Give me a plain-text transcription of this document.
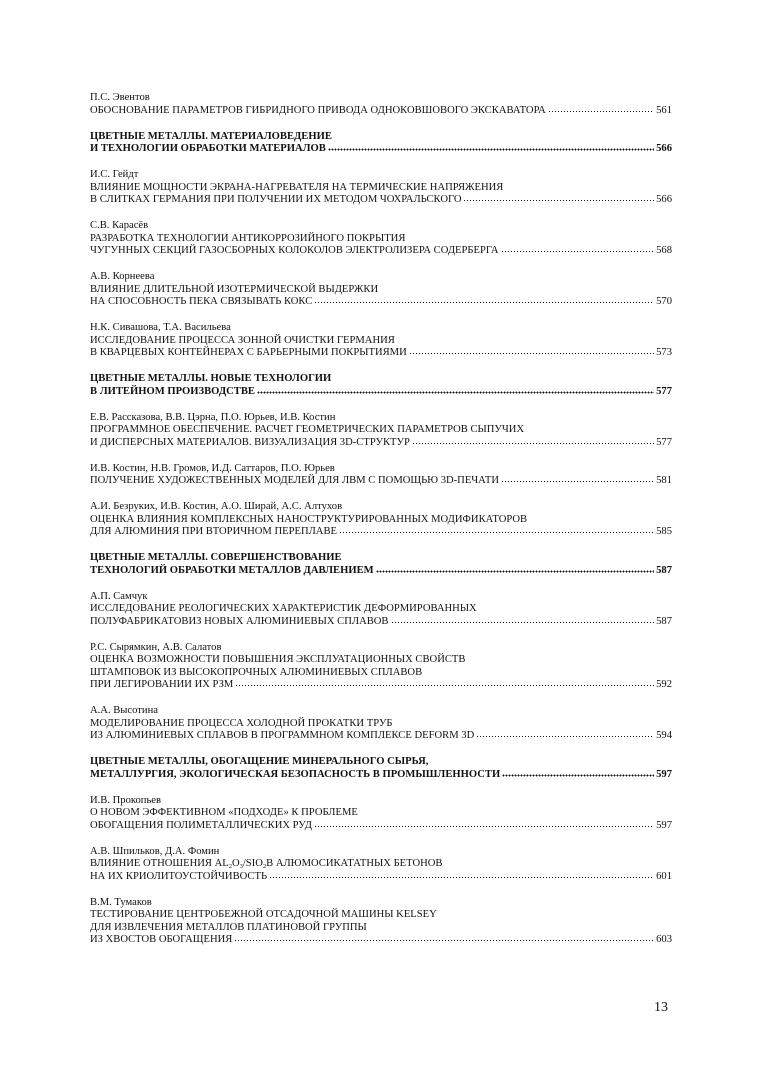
П.С. Эвентов
ОБОСНОВАНИЕ ПАРАМЕТРОВ ГИБРИДНОГО ПРИВОДА ОДНОКОВШОВОГО ЭКСКАВАТОРА	561
ЦВЕТНЫЕ МЕТАЛЛЫ. МАТЕРИАЛОВЕДЕНИЕ
И ТЕХНОЛОГИИ ОБРАБОТКИ МАТЕРИАЛОВ	566
И.С. Гейдт
ВЛИЯНИЕ МОЩНОСТИ ЭКРАНА-НАГРЕВАТЕЛЯ НА ТЕРМИЧЕСКИЕ НАПРЯЖЕНИЯ
В СЛИТКАХ ГЕРМАНИЯ ПРИ ПОЛУЧЕНИИ ИХ МЕТОДОМ ЧОХРАЛЬСКОГО	566
С.В. Карасёв
РАЗРАБОТКА ТЕХНОЛОГИИ АНТИКОРРОЗИЙНОГО ПОКРЫТИЯ
ЧУГУННЫХ СЕКЦИЙ ГАЗОСБОРНЫХ КОЛОКОЛОВ ЭЛЕКТРОЛИЗЕРА СОДЕРБЕРГА	568
А.В. Корнеева
ВЛИЯНИЕ ДЛИТЕЛЬНОЙ ИЗОТЕРМИЧЕСКОЙ ВЫДЕРЖКИ
НА СПОСОБНОСТЬ ПЕКА СВЯЗЫВАТЬ КОКС	570
Н.К. Сивашова, Т.А. Васильева
ИССЛЕДОВАНИЕ ПРОЦЕССА ЗОННОЙ ОЧИСТКИ ГЕРМАНИЯ
В КВАРЦЕВЫХ КОНТЕЙНЕРАХ С БАРЬЕРНЫМИ ПОКРЫТИЯМИ	573
ЦВЕТНЫЕ МЕТАЛЛЫ. НОВЫЕ ТЕХНОЛОГИИ
В ЛИТЕЙНОМ ПРОИЗВОДСТВЕ	577
Е.В. Рассказова, В.В. Цэрна, П.О. Юрьев, И.В. Костин
ПРОГРАММНОЕ ОБЕСПЕЧЕНИЕ. РАСЧЕТ ГЕОМЕТРИЧЕСКИХ ПАРАМЕТРОВ СЫПУЧИХ
И ДИСПЕРСНЫХ МАТЕРИАЛОВ. ВИЗУАЛИЗАЦИЯ 3D-СТРУКТУР	577
И.В. Костин, Н.В. Громов, И.Д. Саттаров, П.О. Юрьев
ПОЛУЧЕНИЕ ХУДОЖЕСТВЕННЫХ МОДЕЛЕЙ ДЛЯ ЛВМ С ПОМОЩЬЮ 3D-ПЕЧАТИ	581
А.И. Безруких, И.В. Костин, А.О. Ширай, А.С. Алтухов
ОЦЕНКА ВЛИЯНИЯ КОМПЛЕКСНЫХ НАНОСТРУКТУРИРОВАННЫХ МОДИФИКАТОРОВ
ДЛЯ АЛЮМИНИЯ ПРИ ВТОРИЧНОМ ПЕРЕПЛАВЕ	585
ЦВЕТНЫЕ МЕТАЛЛЫ. СОВЕРШЕНСТВОВАНИЕ
ТЕХНОЛОГИЙ ОБРАБОТКИ МЕТАЛЛОВ ДАВЛЕНИЕМ	587
А.П. Самчук
ИССЛЕДОВАНИЕ РЕОЛОГИЧЕСКИХ ХАРАКТЕРИСТИК ДЕФОРМИРОВАННЫХ
ПОЛУФАБРИКАТОВИЗ НОВЫХ АЛЮМИНИЕВЫХ СПЛАВОВ	587
Р.С. Сырямкин, А.В. Салатов
ОЦЕНКА ВОЗМОЖНОСТИ ПОВЫШЕНИЯ ЭКСПЛУАТАЦИОННЫХ СВОЙСТВ
ШТАМПОВОК ИЗ ВЫСОКОПРОЧНЫХ АЛЮМИНИЕВЫХ СПЛАВОВ
ПРИ ЛЕГИРОВАНИИ ИХ РЗМ	592
А.А. Высотина
МОДЕЛИРОВАНИЕ ПРОЦЕССА ХОЛОДНОЙ ПРОКАТКИ ТРУБ
ИЗ АЛЮМИНИЕВЫХ СПЛАВОВ В ПРОГРАММНОМ КОМПЛЕКСЕ DEFORM 3D	594
ЦВЕТНЫЕ МЕТАЛЛЫ, ОБОГАЩЕНИЕ МИНЕРАЛЬНОГО СЫРЬЯ,
МЕТАЛЛУРГИЯ, ЭКОЛОГИЧЕСКАЯ БЕЗОПАСНОСТЬ В ПРОМЫШЛЕННОСТИ	597
И.В. Прокопьев
О НОВОМ ЭФФЕКТИВНОМ «ПОДХОДЕ» К ПРОБЛЕМЕ
ОБОГАЩЕНИЯ ПОЛИМЕТАЛЛИЧЕСКИХ РУД	597
А.В. Шпильков, Д.А. Фомин
ВЛИЯНИЕ ОТНОШЕНИЯ $AL_2O_3/SIO_2В$ АЛЮМОСИКАТАТНЫХ БЕТОНОВ
НА ИХ КРИОЛИТОУСТОЙЧИВОСТЬ	601
В.М. Тумаков
ТЕСТИРОВАНИЕ ЦЕНТРОБЕЖНОЙ ОТСАДОЧНОЙ МАШИНЫ KELSEY
ДЛЯ ИЗВЛЕЧЕНИЯ МЕТАЛЛОВ ПЛАТИНОВОЙ ГРУППЫ
ИЗ ХВОСТОВ ОБОГАЩЕНИЯ	603
13
